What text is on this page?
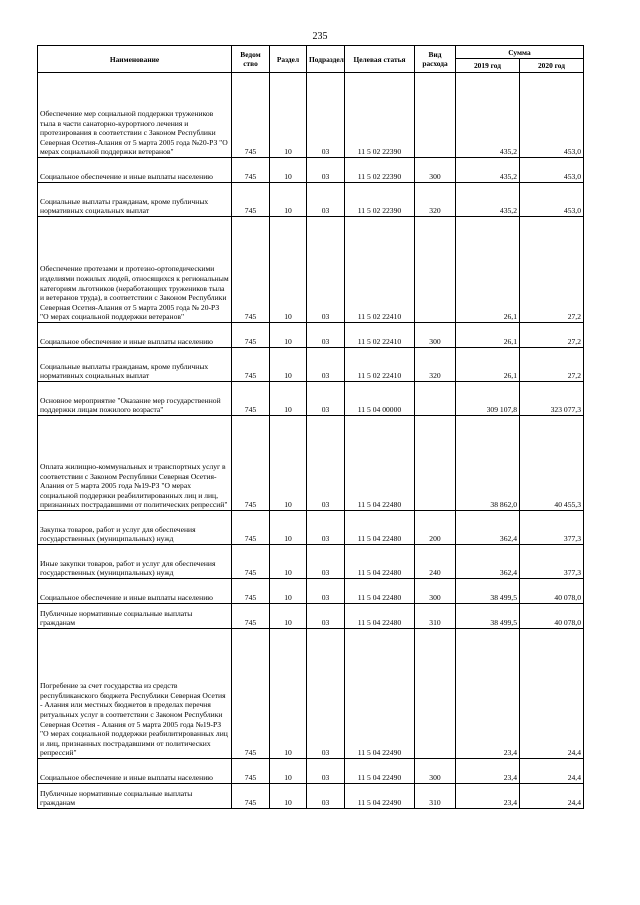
235
Наименование	Ведом ство	Раздел	Подраздел	Целевая статья	Вид расхода	Сумма	
						2019 год	2020 год
Обеспечение мер социальной поддержки тружеников тыла в части санаторно-курортного лечения и протезирования в соответствии с Законом Республики Северная Осетия-Алания от 5 марта 2005 года №20-РЗ "О мерах социальной поддержки ветеранов"	745	10	03	11 5 02 22390		435,2	453,0
Социальное обеспечение и иные выплаты населению	745	10	03	11 5 02 22390	300	435,2	453,0
Социальные выплаты гражданам, кроме публичных нормативных социальных выплат	745	10	03	11 5 02 22390	320	435,2	453,0
Обеспечение протезами и протезно-ортопедическими изделиями пожилых людей, относящихся к региональным категориям льготников (неработающих тружеников тыла и ветеранов труда), в соответствии с Законом Республики Северная Осетия-Алания от 5 марта 2005 года № 20-РЗ "О мерах социальной поддержки ветеранов"	745	10	03	11 5 02 22410		26,1	27,2
Социальное обеспечение и иные выплаты населению	745	10	03	11 5 02 22410	300	26,1	27,2
Социальные выплаты гражданам, кроме публичных нормативных социальных выплат	745	10	03	11 5 02 22410	320	26,1	27,2
Основное мероприятие "Оказание мер государственной поддержки лицам пожилого возраста"	745	10	03	11 5 04 00000		309 107,8	323 077,3
Оплата жилищно-коммунальных и транспортных услуг в соответствии с Законом Республики Северная Осетия-Алания от 5 марта 2005 года №19-РЗ "О мерах социальной поддержки реабилитированных лиц и лиц, признанных пострадавшими от политических репрессий"	745	10	03	11 5 04 22480		38 862,0	40 455,3
Закупка товаров, работ и услуг для обеспечения государственных (муниципальных) нужд	745	10	03	11 5 04 22480	200	362,4	377,3
Иные закупки товаров, работ и услуг для обеспечения государственных (муниципальных) нужд	745	10	03	11 5 04 22480	240	362,4	377,3
Социальное обеспечение и иные выплаты населению	745	10	03	11 5 04 22480	300	38 499,5	40 078,0
Публичные нормативные социальные выплаты гражданам	745	10	03	11 5 04 22480	310	38 499,5	40 078,0
Погребение за счет государства из средств республиканского бюджета Республики Северная Осетия - Алания или местных бюджетов в пределах перечня ритуальных услуг в соответствии с Законом Республики Северная Осетия - Алания от 5 марта 2005 года №19-РЗ "О мерах социальной поддержки реабилитированных лиц и лиц, признанных пострадавшими от политических репрессий"	745	10	03	11 5 04 22490		23,4	24,4
Социальное обеспечение и иные выплаты населению	745	10	03	11 5 04 22490	300	23,4	24,4
Публичные нормативные социальные выплаты гражданам	745	10	03	11 5 04 22490	310	23,4	24,4
